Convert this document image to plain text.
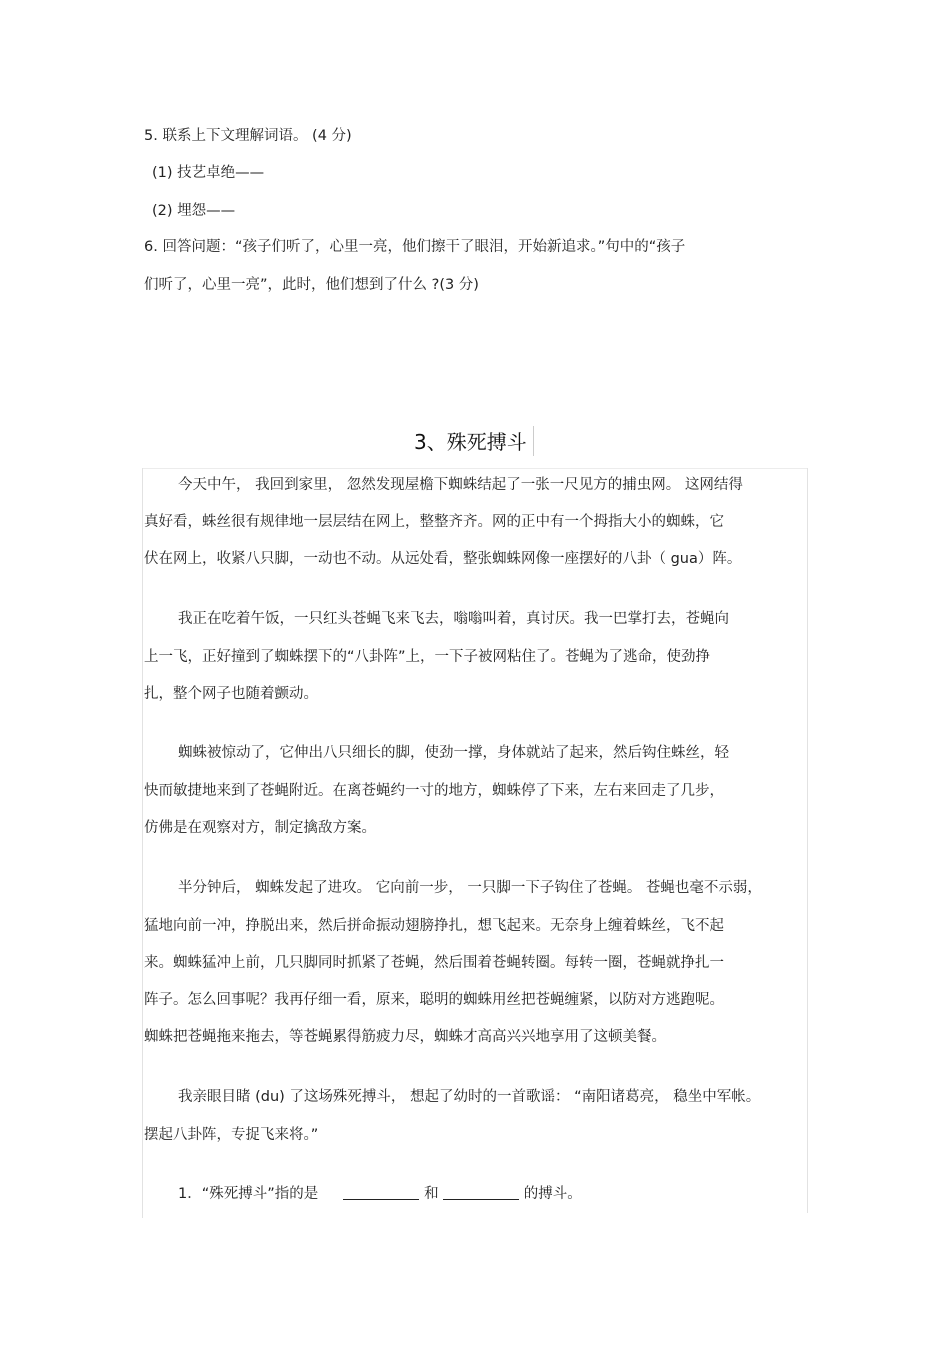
5. 联系上下文理解词语。 (4 分)
(1) 技艺卓绝——
(2) 埋怨——
6. 回答问题：“孩子们听了，心里一亮，他们擦干了眼泪，开始新追求。”句中的“孩子
们听了，心里一亮”，此时，他们想到了什么 ?(3 分)
3、殊死搏斗
今天中午， 我回到家里， 忽然发现屋檐下蜘蛛结起了一张一尺见方的捕虫网。 这网结得
真好看，蛛丝很有规律地一层层结在网上，整整齐齐。网的正中有一个拇指大小的蜘蛛，它
伏在网上，收紧八只脚，一动也不动。从远处看，整张蜘蛛网像一座摆好的八卦（ gua）阵。
我正在吃着午饭，一只红头苍蝇飞来飞去，嗡嗡叫着，真讨厌。我一巴掌打去，苍蝇向
上一飞，正好撞到了蜘蛛摆下的“八卦阵”上，一下子被网粘住了。苍蝇为了逃命，使劲挣
扎，整个网子也随着颤动。
蜘蛛被惊动了，它伸出八只细长的脚，使劲一撑，身体就站了起来，然后钩住蛛丝，轻
快而敏捷地来到了苍蝇附近。在离苍蝇约一寸的地方，蜘蛛停了下来，左右来回走了几步，
仿佛是在观察对方，制定擒敌方案。
半分钟后， 蜘蛛发起了进攻。 它向前一步， 一只脚一下子钩住了苍蝇。 苍蝇也毫不示弱，
猛地向前一冲，挣脱出来，然后拼命振动翅膀挣扎，想飞起来。无奈身上缠着蛛丝，飞不起
来。蜘蛛猛冲上前，几只脚同时抓紧了苍蝇，然后围着苍蝇转圈。每转一圈，苍蝇就挣扎一
阵子。怎么回事呢？我再仔细一看，原来，聪明的蜘蛛用丝把苍蝇缠紧，以防对方逃跑呢。
蜘蛛把苍蝇拖来拖去，等苍蝇累得筋疲力尽，蜘蛛才高高兴兴地享用了这顿美餐。
我亲眼目睹 (du) 了这场殊死搏斗， 想起了幼时的一首歌谣： “南阳诸葛亮， 稳坐中军帐。
摆起八卦阵，专捉飞来将。”
1．“殊死搏斗”指的是	和	的搏斗。
